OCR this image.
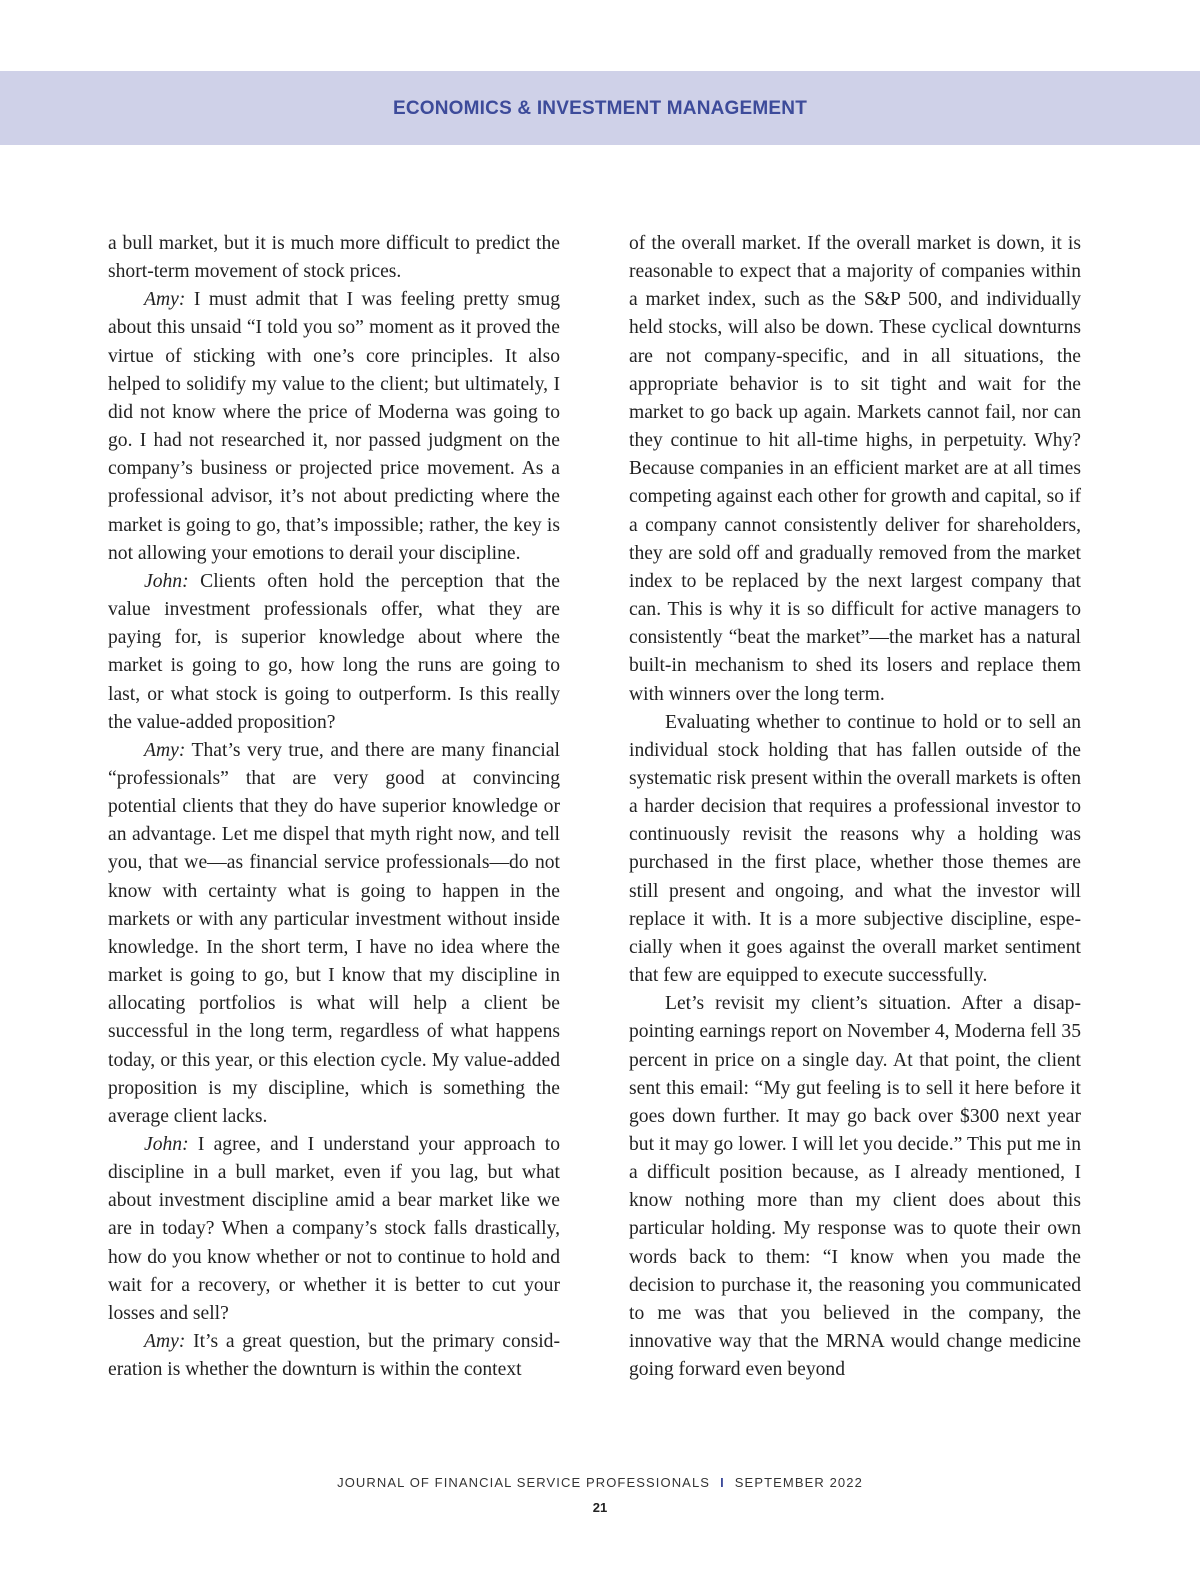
ECONOMICS & INVESTMENT MANAGEMENT

a bull market, but it is much more difficult to predict the short-term movement of stock prices.

Amy: I must admit that I was feeling pretty smug about this unsaid “I told you so” moment as it proved the virtue of sticking with one’s core principles. It also helped to solidify my value to the client; but ultimately, I did not know where the price of Moderna was going to go. I had not researched it, nor passed judgment on the company’s business or projected price movement. As a professional advisor, it’s not about predicting where the market is going to go, that’s impossible; rather, the key is not allowing your emotions to derail your discipline.

John: Clients often hold the perception that the value investment professionals offer, what they are paying for, is superior knowledge about where the market is going to go, how long the runs are going to last, or what stock is going to outperform. Is this really the value-added proposition?

Amy: That’s very true, and there are many financial “professionals” that are very good at convincing potential clients that they do have superior knowledge or an advantage. Let me dispel that myth right now, and tell you, that we—as financial service professionals—do not know with certainty what is going to happen in the markets or with any particular investment without inside knowledge. In the short term, I have no idea where the market is going to go, but I know that my discipline in allocating portfolios is what will help a client be successful in the long term, regardless of what happens today, or this year, or this election cycle. My value-added proposition is my discipline, which is something the average client lacks.

John: I agree, and I understand your approach to discipline in a bull market, even if you lag, but what about investment discipline amid a bear market like we are in today? When a company’s stock falls drastically, how do you know whether or not to continue to hold and wait for a recovery, or whether it is better to cut your losses and sell?

Amy: It’s a great question, but the primary consideration is whether the downturn is within the context

of the overall market. If the overall market is down, it is reasonable to expect that a majority of companies within a market index, such as the S&P 500, and individually held stocks, will also be down. These cyclical downturns are not company-specific, and in all situations, the appropriate behavior is to sit tight and wait for the market to go back up again. Markets cannot fail, nor can they continue to hit all-time highs, in perpetuity. Why? Because companies in an efficient market are at all times competing against each other for growth and capital, so if a company cannot consistently deliver for shareholders, they are sold off and gradually removed from the market index to be replaced by the next largest company that can. This is why it is so difficult for active managers to consistently “beat the market”—the market has a natural built-in mechanism to shed its losers and replace them with winners over the long term.

Evaluating whether to continue to hold or to sell an individual stock holding that has fallen outside of the systematic risk present within the overall markets is often a harder decision that requires a professional investor to continuously revisit the reasons why a holding was purchased in the first place, whether those themes are still present and ongoing, and what the investor will replace it with. It is a more subjective discipline, especially when it goes against the overall market sentiment that few are equipped to execute successfully.

Let’s revisit my client’s situation. After a disappointing earnings report on November 4, Moderna fell 35 percent in price on a single day. At that point, the client sent this email: “My gut feeling is to sell it here before it goes down further. It may go back over $300 next year but it may go lower. I will let you decide.” This put me in a difficult position because, as I already mentioned, I know nothing more than my client does about this particular holding. My response was to quote their own words back to them: “I know when you made the decision to purchase it, the reasoning you communicated to me was that you believed in the company, the innovative way that the MRNA would change medicine going forward even beyond

JOURNAL OF FINANCIAL SERVICE PROFESSIONALS I SEPTEMBER 2022
21
